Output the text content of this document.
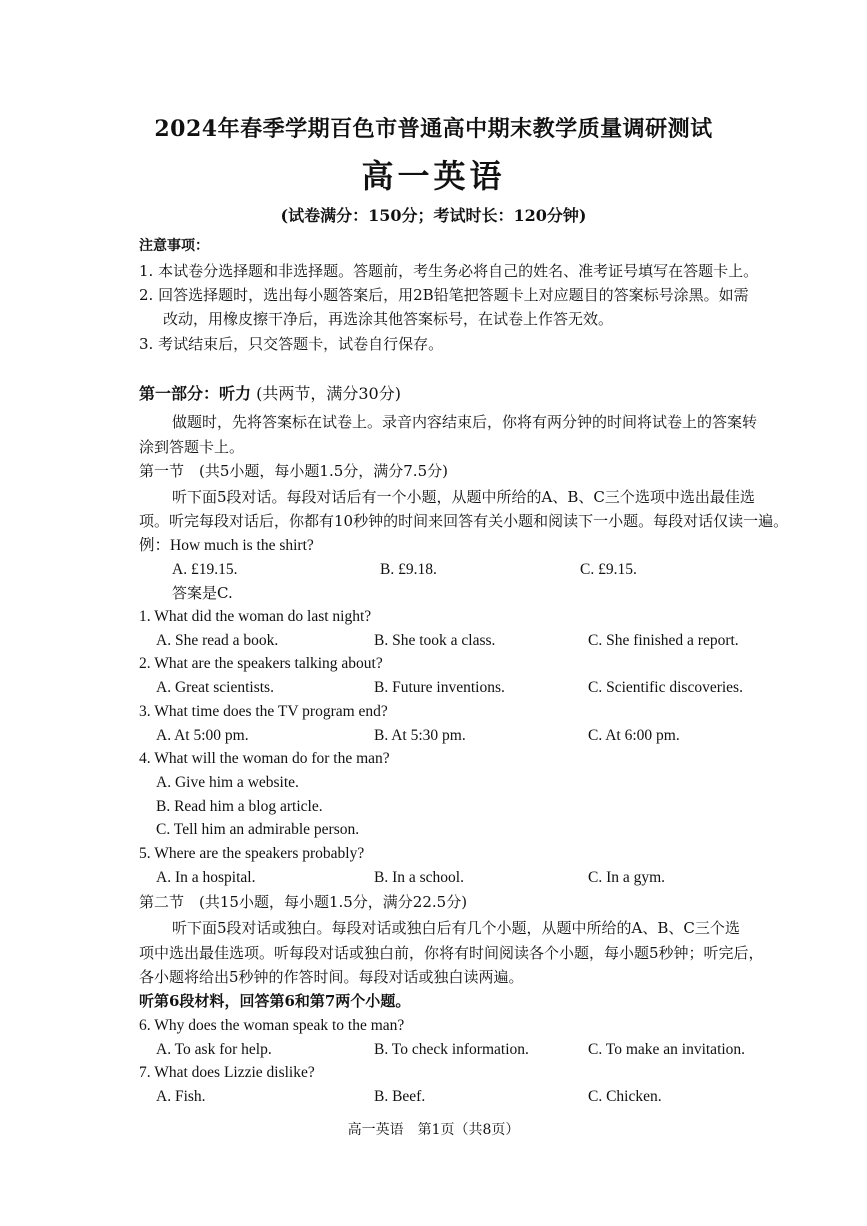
2024年春季学期百色市普通高中期末教学质量调研测试
高一英语
(试卷满分：150分；考试时长：120分钟)
注意事项：
1. 本试卷分选择题和非选择题。答题前，考生务必将自己的姓名、准考证号填写在答题卡上。
2. 回答选择题时，选出每小题答案后，用2B铅笔把答题卡上对应题目的答案标号涂黑。如需
改动，用橡皮擦干净后，再选涂其他答案标号，在试卷上作答无效。
3. 考试结束后，只交答题卡，试卷自行保存。
第一部分：听力 (共两节，满分30分)
做题时，先将答案标在试卷上。录音内容结束后，你将有两分钟的时间将试卷上的答案转
涂到答题卡上。
第一节　(共5小题，每小题1.5分，满分7.5分)
听下面5段对话。每段对话后有一个小题，从题中所给的A、B、C三个选项中选出最佳选
项。听完每段对话后，你都有10秒钟的时间来回答有关小题和阅读下一小题。每段对话仅读一遍。
例：How much is the shirt?
A. £19.15.	B. £9.18.	C. £9.15.
答案是C.
1. What did the woman do last night?
A. She read a book.	B. She took a class.	C. She finished a report.
2. What are the speakers talking about?
A. Great scientists.	B. Future inventions.	C. Scientific discoveries.
3. What time does the TV program end?
A. At 5:00 pm.	B. At 5:30 pm.	C. At 6:00 pm.
4. What will the woman do for the man?
A. Give him a website.
B. Read him a blog article.
C. Tell him an admirable person.
5. Where are the speakers probably?
A. In a hospital.	B. In a school.	C. In a gym.
第二节　(共15小题，每小题1.5分，满分22.5分)
听下面5段对话或独白。每段对话或独白后有几个小题，从题中所给的A、B、C三个选
项中选出最佳选项。听每段对话或独白前，你将有时间阅读各个小题，每小题5秒钟；听完后，
各小题将给出5秒钟的作答时间。每段对话或独白读两遍。
听第6段材料，回答第6和第7两个小题。
6. Why does the woman speak to the man?
A. To ask for help.	B. To check information.	C. To make an invitation.
7. What does Lizzie dislike?
A. Fish.	B. Beef.	C. Chicken.
高一英语　第1页（共8页）
